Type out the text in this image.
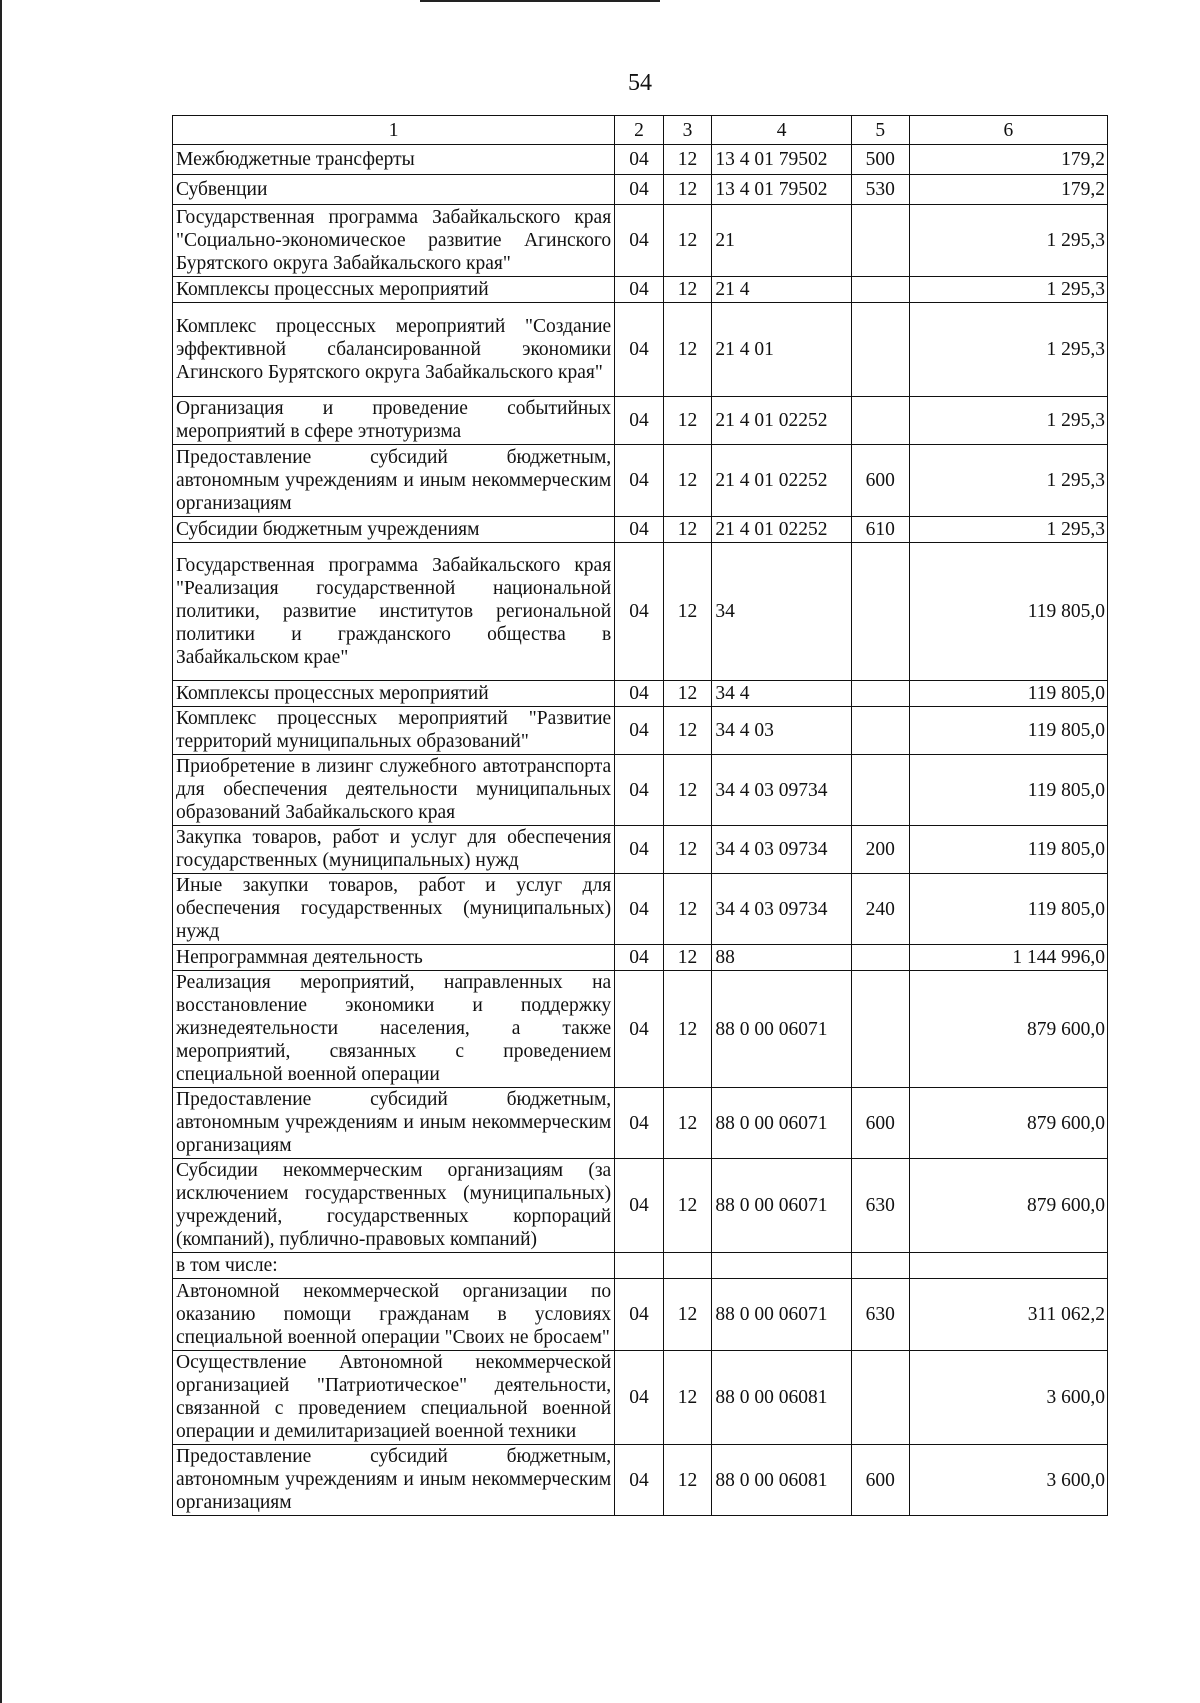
54
1	2	3	4	5	6
Межбюджетные трансферты	04	12	13 4 01 79502	500	179,2
Субвенции	04	12	13 4 01 79502	530	179,2
Государственная программа Забайкальского края "Социально-экономическое развитие Агинского Бурятского округа Забайкальского края"	04	12	21		1 295,3
Комплексы процессных мероприятий	04	12	21 4		1 295,3
Комплекс процессных мероприятий "Создание эффективной сбалансированной экономики Агинского Бурятского округа Забайкальского края"	04	12	21 4 01		1 295,3
Организация и проведение событийных мероприятий в сфере этнотуризма	04	12	21 4 01 02252		1 295,3
Предоставление субсидий бюджетным, автономным учреждениям и иным некоммерческим организациям	04	12	21 4 01 02252	600	1 295,3
Субсидии бюджетным учреждениям	04	12	21 4 01 02252	610	1 295,3
Государственная программа Забайкальского края "Реализация государственной национальной политики, развитие институтов региональной политики и гражданского общества в Забайкальском крае"	04	12	34		119 805,0
Комплексы процессных мероприятий	04	12	34 4		119 805,0
Комплекс процессных мероприятий "Развитие территорий муниципальных образований"	04	12	34 4 03		119 805,0
Приобретение в лизинг служебного автотранспорта для обеспечения деятельности муниципальных образований Забайкальского края	04	12	34 4 03 09734		119 805,0
Закупка товаров, работ и услуг для обеспечения государственных (муниципальных) нужд	04	12	34 4 03 09734	200	119 805,0
Иные закупки товаров, работ и услуг для обеспечения государственных (муниципальных) нужд	04	12	34 4 03 09734	240	119 805,0
Непрограммная деятельность	04	12	88		1 144 996,0
Реализация мероприятий, направленных на восстановление экономики и поддержку жизнедеятельности населения, а также мероприятий, связанных с проведением специальной военной операции	04	12	88 0 00 06071		879 600,0
Предоставление субсидий бюджетным, автономным учреждениям и иным некоммерческим организациям	04	12	88 0 00 06071	600	879 600,0
Субсидии некоммерческим организациям (за исключением государственных (муниципальных) учреждений, государственных корпораций (компаний), публично-правовых компаний)	04	12	88 0 00 06071	630	879 600,0
в том числе:					
Автономной некоммерческой организации по оказанию помощи гражданам в условиях специальной военной операции "Своих не бросаем"	04	12	88 0 00 06071	630	311 062,2
Осуществление Автономной некоммерческой организацией "Патриотическое" деятельности, связанной с проведением специальной военной операции и демилитаризацией военной техники	04	12	88 0 00 06081		3 600,0
Предоставление субсидий бюджетным, автономным учреждениям и иным некоммерческим организациям	04	12	88 0 00 06081	600	3 600,0
